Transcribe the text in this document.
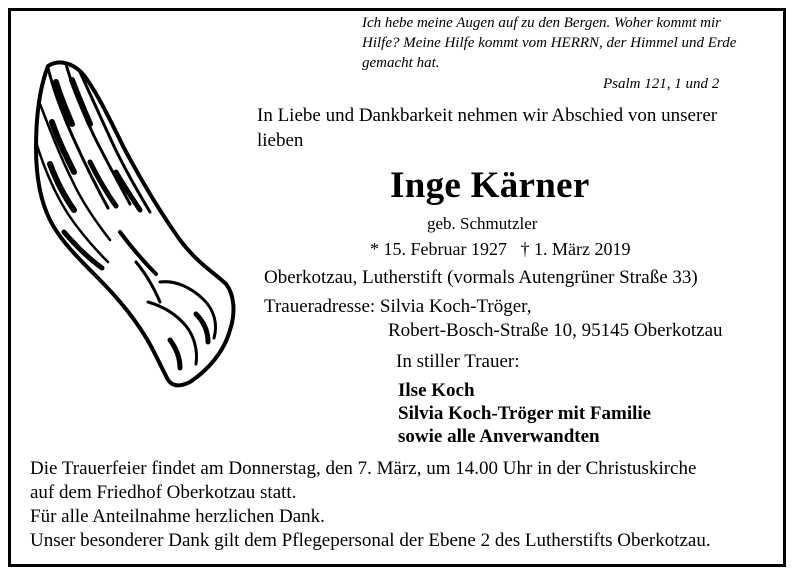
Ich hebe meine Augen auf zu den Bergen. Woher kommt mir Hilfe? Meine Hilfe kommt vom HERRN, der Himmel und Erde gemacht hat.
Psalm 121, 1 und 2
In Liebe und Dankbarkeit nehmen wir Abschied von unserer lieben
Inge Kärner
geb. Schmutzler
* 15. Februar 1927 † 1. März 2019
Oberkotzau, Lutherstift (vormals Autengrüner Straße 33)
Traueradresse: Silvia Koch-Tröger,
Robert-Bosch-Straße 10, 95145 Oberkotzau
In stiller Trauer:
Ilse Koch
Silvia Koch-Tröger mit Familie
sowie alle Anverwandten
Die Trauerfeier findet am Donnerstag, den 7. März, um 14.00 Uhr in der Christuskirche
auf dem Friedhof Oberkotzau statt.
Für alle Anteilnahme herzlichen Dank.
Unser besonderer Dank gilt dem Pflegepersonal der Ebene 2 des Lutherstifts Oberkotzau.
